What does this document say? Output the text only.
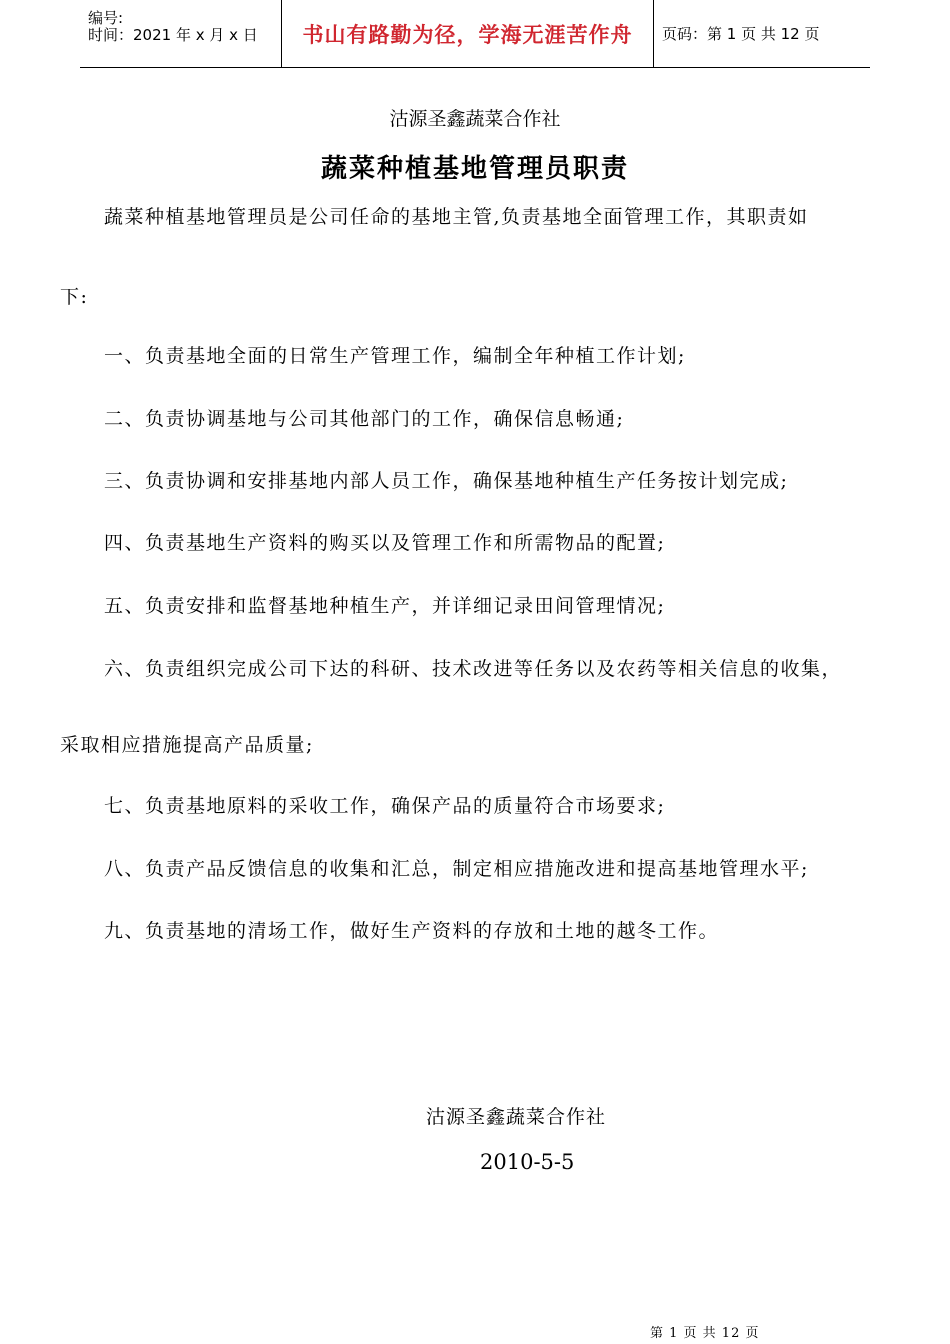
编号:
时间：2021 年 x 月 x 日	书山有路勤为径，学海无涯苦作舟	页码：第 1 页 共 12 页
沽源圣鑫蔬菜合作社
蔬菜种植基地管理员职责
蔬菜种植基地管理员是公司任命的基地主管,负责基地全面管理工作，其职责如
下:
一、负责基地全面的日常生产管理工作，编制全年种植工作计划;
二、负责协调基地与公司其他部门的工作，确保信息畅通;
三、负责协调和安排基地内部人员工作，确保基地种植生产任务按计划完成;
四、负责基地生产资料的购买以及管理工作和所需物品的配置;
五、负责安排和监督基地种植生产，并详细记录田间管理情况;
六、负责组织完成公司下达的科研、技术改进等任务以及农药等相关信息的收集，
采取相应措施提高产品质量;
七、负责基地原料的采收工作，确保产品的质量符合市场要求;
八、负责产品反馈信息的收集和汇总，制定相应措施改进和提高基地管理水平;
九、负责基地的清场工作，做好生产资料的存放和土地的越冬工作。
沽源圣鑫蔬菜合作社
2010-5-5
第 1 页 共 12 页
